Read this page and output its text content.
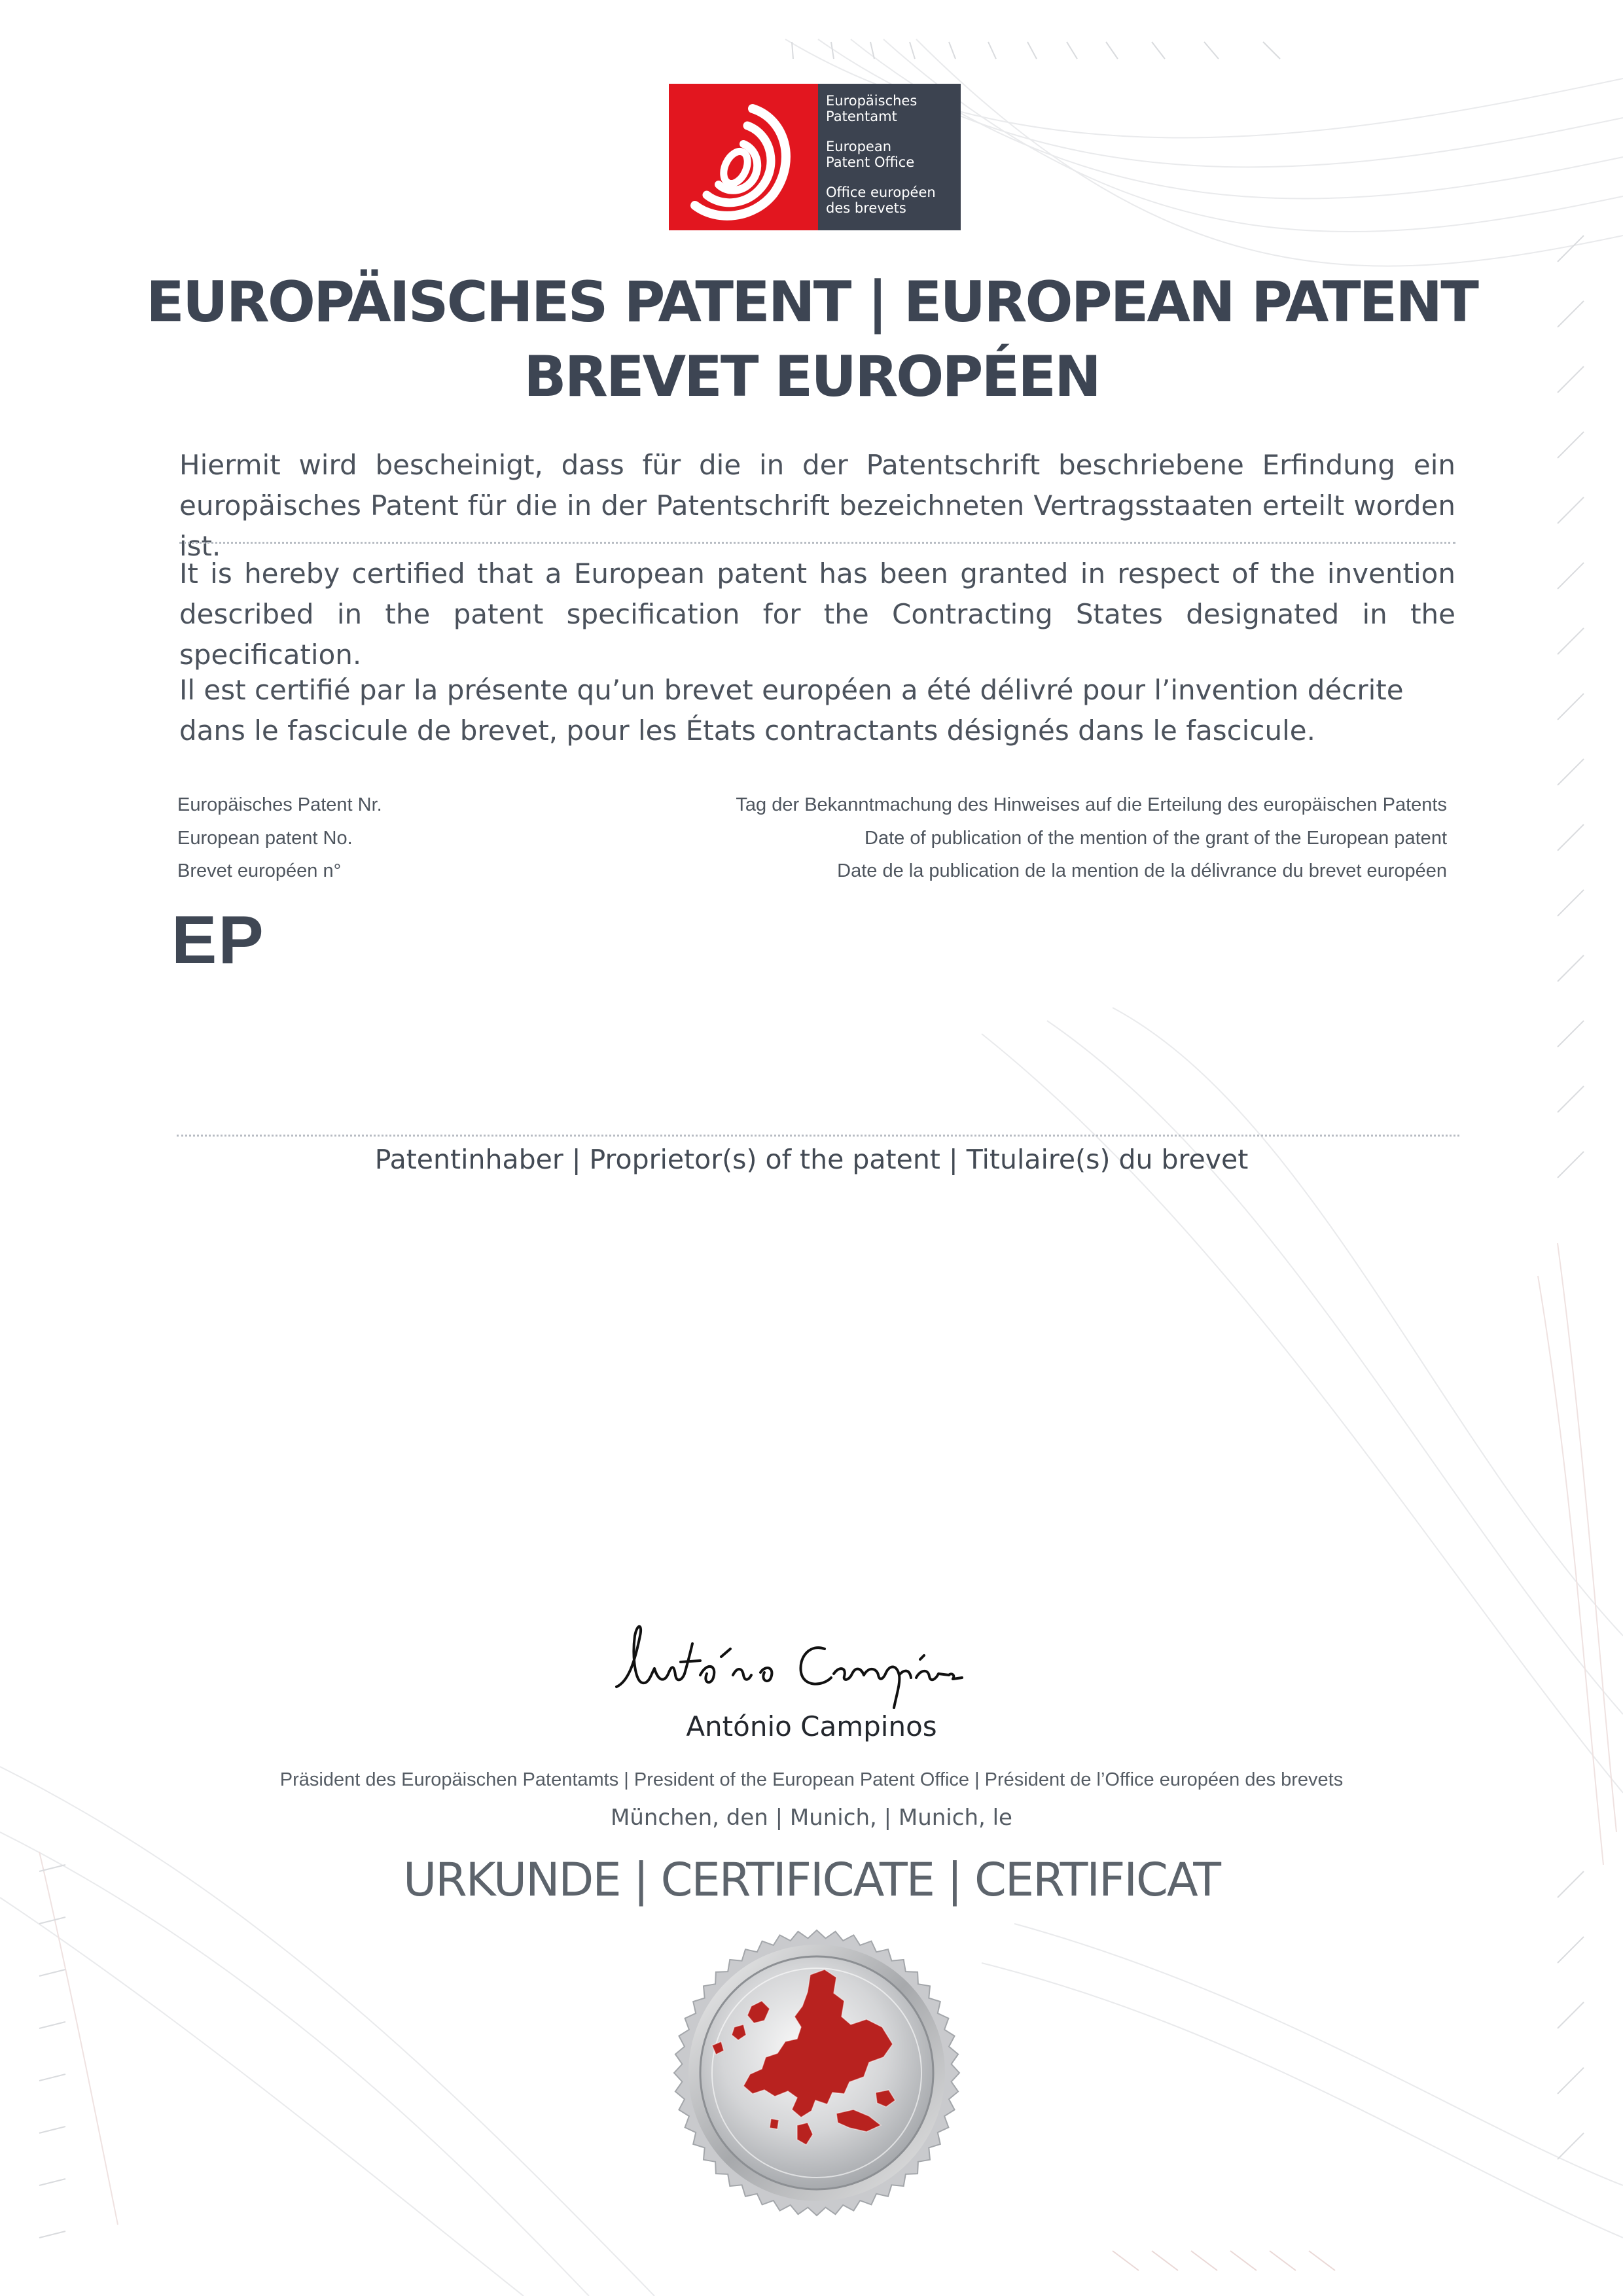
Europäisches
Patentamt
European
Patent Office
Office européen
des brevets
EUROPÄISCHES PATENT | EUROPEAN PATENT
BREVET EUROPÉEN
Hiermit wird bescheinigt, dass für die in der Patentschrift beschriebene Erfindung ein europäisches Patent für die in der Patentschrift bezeichneten Vertragsstaaten erteilt worden ist.
It is hereby certified that a European patent has been granted in respect of the invention described in the patent specification for the Contracting States designated in the specification.
Il est certifié par la présente qu’un brevet européen a été délivré pour l’invention décrite dans le fascicule de brevet, pour les États contractants désignés dans le fascicule.
Europäisches Patent Nr.
European patent No.
Brevet européen n°
Tag der Bekanntmachung des Hinweises auf die Erteilung des europäischen Patents
Date of publication of the mention of the grant of the European patent
Date de la publication de la mention de la délivrance du brevet européen
EP
Patentinhaber | Proprietor(s) of the patent | Titulaire(s) du brevet
António Campinos
Präsident des Europäischen Patentamts | President of the European Patent Office | Président de l’Office européen des brevets
München, den | Munich, | Munich, le
URKUNDE | CERTIFICATE | CERTIFICAT
